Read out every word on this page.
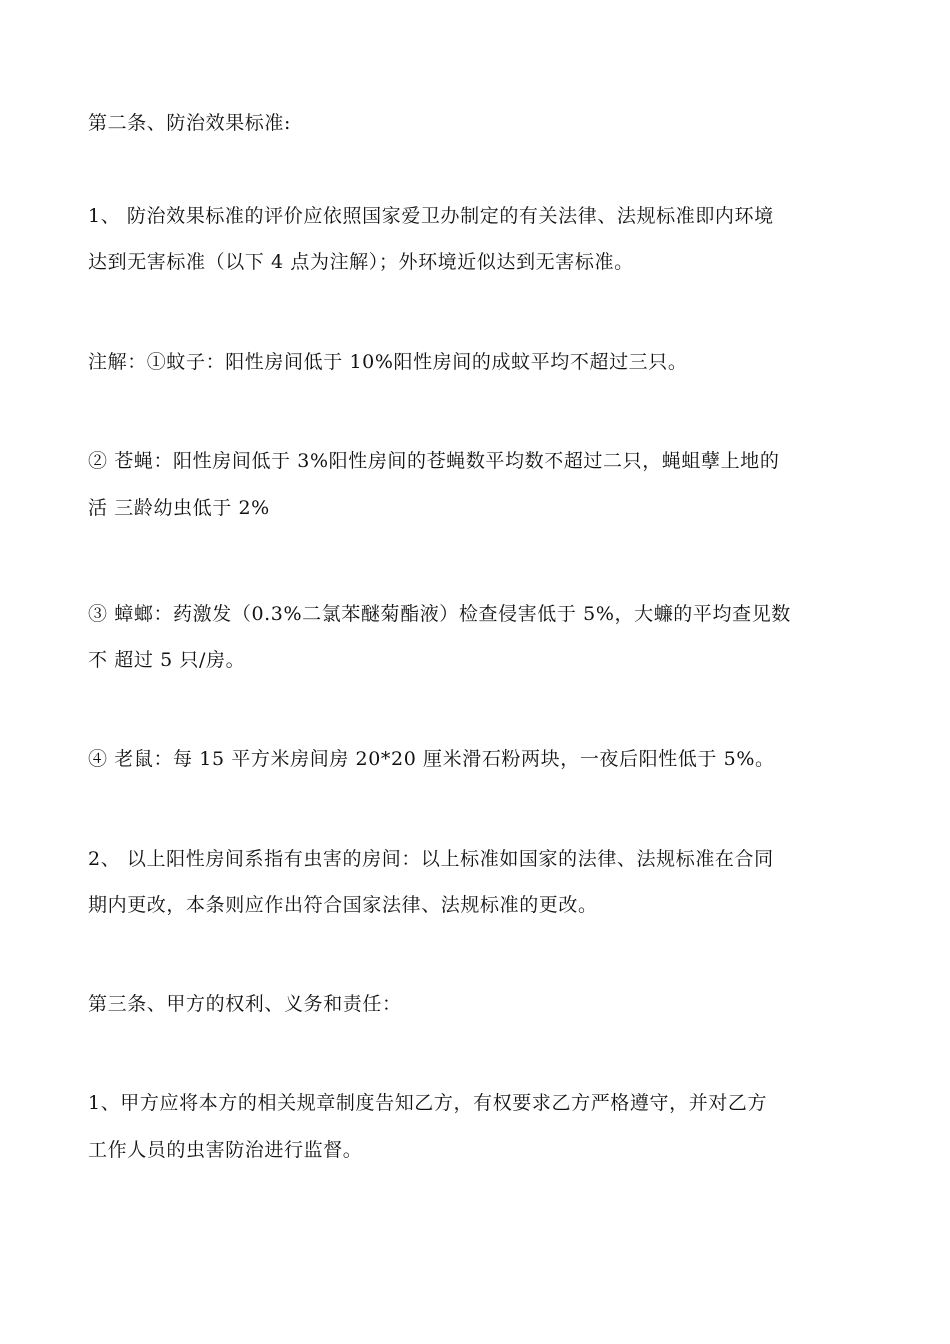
第二条、防治效果标准:
1、 防治效果标准的评价应依照国家爱卫办制定的有关法律、法规标准即内环境
达到无害标准（以下 4 点为注解）；外环境近似达到无害标准。
注解：①蚊子：阳性房间低于 10%阳性房间的成蚊平均不超过三只。
② 苍蝇：阳性房间低于 3%阳性房间的苍蝇数平均数不超过二只，蝇蛆孽上地的
活 三龄幼虫低于 2%
③ 蟑螂：药激发（0.3%二氯苯醚菊酯液）检查侵害低于 5%，大蠊的平均查见数
不 超过 5 只/房。
④ 老鼠：每 15 平方米房间房 20*20 厘米滑石粉两块，一夜后阳性低于 5%。
2、 以上阳性房间系指有虫害的房间：以上标准如国家的法律、法规标准在合同
期内更改，本条则应作出符合国家法律、法规标准的更改。
第三条、甲方的权利、义务和责任：
1、甲方应将本方的相关规章制度告知乙方，有权要求乙方严格遵守，并对乙方
工作人员的虫害防治进行监督。
